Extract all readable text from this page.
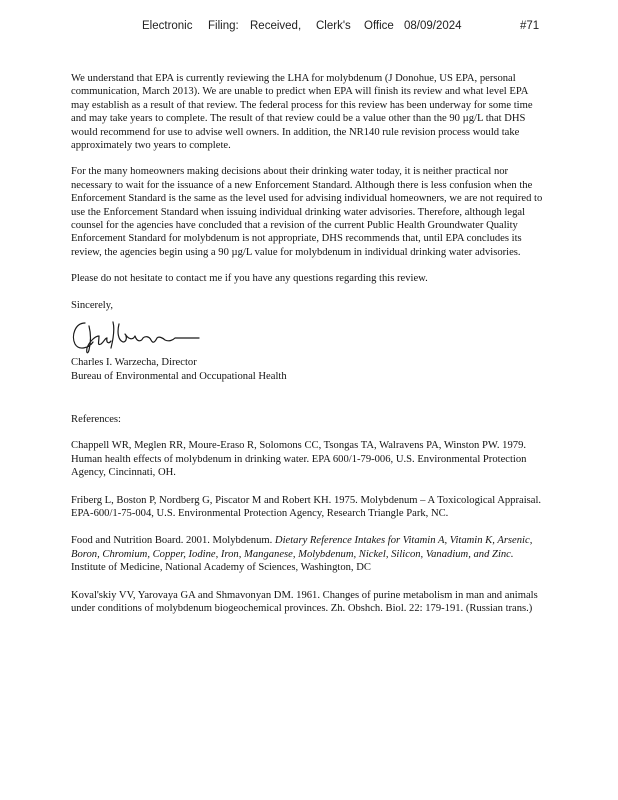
Electronic Filing: Received, Clerk's Office 08/09/2024	#71

We understand that EPA is currently reviewing the LHA for molybdenum (J Donohue, US EPA, personal communication, March 2013). We are unable to predict when EPA will finish its review and what level EPA may establish as a result of that review. The federal process for this review has been underway for some time and may take years to complete. The result of that review could be a value other than the 90 µg/L that DHS would recommend for use to advise well owners. In addition, the NR140 rule revision process would take approximately two years to complete.

For the many homeowners making decisions about their drinking water today, it is neither practical nor necessary to wait for the issuance of a new Enforcement Standard. Although there is less confusion when the Enforcement Standard is the same as the level used for advising individual homeowners, we are not required to use the Enforcement Standard when issuing individual drinking water advisories. Therefore, although legal counsel for the agencies have concluded that a revision of the current Public Health Groundwater Quality Enforcement Standard for molybdenum is not appropriate, DHS recommends that, until EPA concludes its review, the agencies begin using a 90 µg/L value for molybdenum in individual drinking water advisories.

Please do not hesitate to contact me if you have any questions regarding this review.

Sincerely,

Charles I. Warzecha, Director

Bureau of Environmental and Occupational Health

References:

Chappell WR, Meglen RR, Moure-Eraso R, Solomons CC, Tsongas TA, Walravens PA, Winston PW. 1979. Human health effects of molybdenum in drinking water. EPA 600/1-79-006, U.S. Environmental Protection Agency, Cincinnati, OH.

Friberg L, Boston P, Nordberg G, Piscator M and Robert KH. 1975. Molybdenum – A Toxicological Appraisal. EPA-600/1-75-004, U.S. Environmental Protection Agency, Research Triangle Park, NC.

Food and Nutrition Board. 2001. Molybdenum. Dietary Reference Intakes for Vitamin A, Vitamin K, Arsenic, Boron, Chromium, Copper, Iodine, Iron, Manganese, Molybdenum, Nickel, Silicon, Vanadium, and Zinc. Institute of Medicine, National Academy of Sciences, Washington, DC

Koval'skiy VV, Yarovaya GA and Shmavonyan DM. 1961. Changes of purine metabolism in man and animals under conditions of molybdenum biogeochemical provinces. Zh. Obshch. Biol. 22: 179-191. (Russian trans.)
